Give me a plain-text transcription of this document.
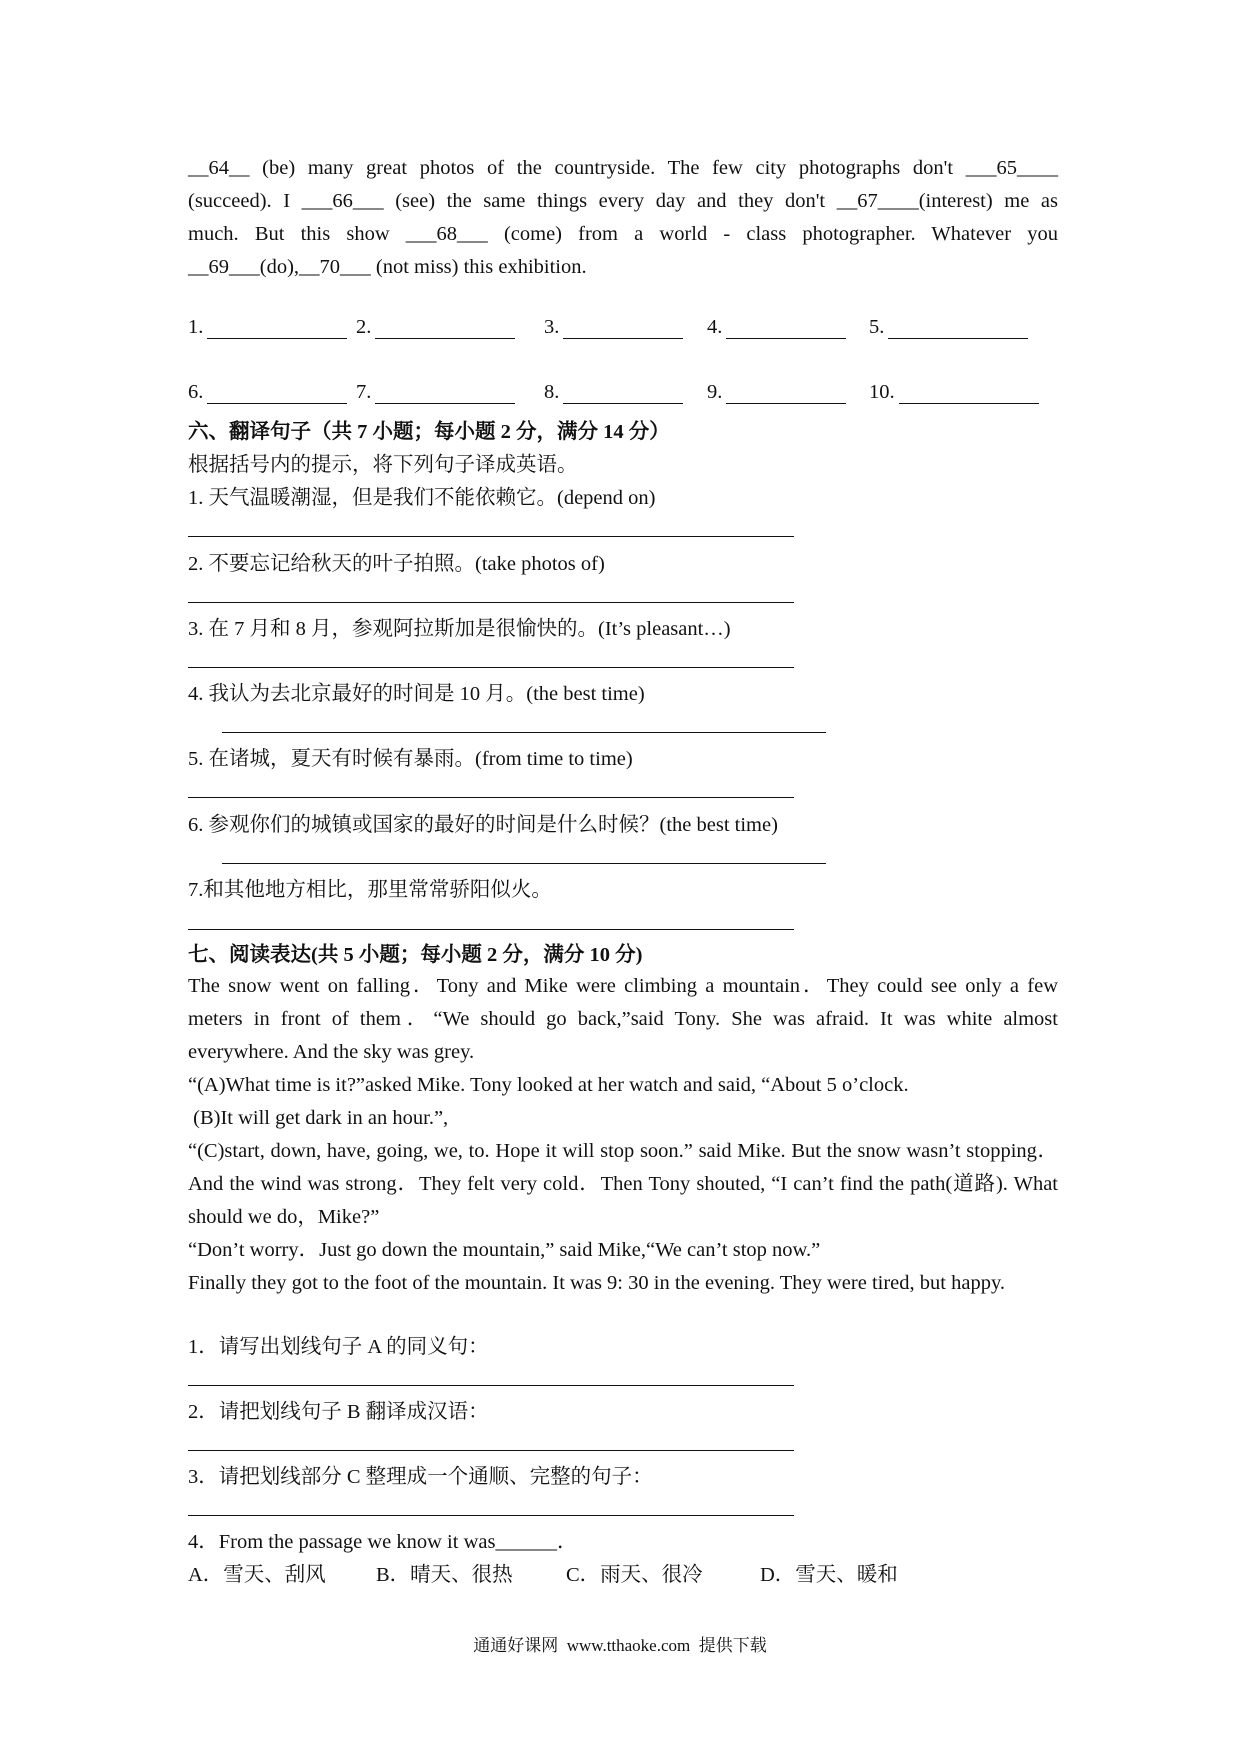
__64__ (be) many great photos of the countryside. The few city photographs don't ___65____

(succeed). I ___66___ (see) the same things every day and they don't __67____(interest) me as

much. But this show ___68___ (come) from a world - class photographer. Whatever you

__69___(do),__70___ (not miss) this exhibition.

1.	2.	3.	4.	5.
6.	7.	8.	9.	10.
六、翻译句子（共 7 小题；每小题 2 分，满分 14 分）
根据括号内的提示，将下列句子译成英语。
1. 天气温暖潮湿，但是我们不能依赖它。(depend on)
2. 不要忘记给秋天的叶子拍照。(take photos of)
3. 在 7 月和 8 月，参观阿拉斯加是很愉快的。(It’s pleasant…)
4. 我认为去北京最好的时间是 10 月。(the best time)
5. 在诸城，夏天有时候有暴雨。(from time to time)
6. 参观你们的城镇或国家的最好的时间是什么时候？(the best time)
7.和其他地方相比，那里常常骄阳似火。
七、阅读表达(共 5 小题；每小题 2 分，满分 10 分)

The snow went on falling．Tony and Mike were climbing a mountain．They could see only a few meters in front of them．“We should go back,”said Tony. She was afraid. It was white almost everywhere. And the sky was grey.

“(A)What time is it?”asked Mike. Tony looked at her watch and said, “About 5 o’clock.

(B)It will get dark in an hour.”,

“(C)start, down, have, going, we, to. Hope it will stop soon.” said Mike. But the snow wasn’t stopping．And the wind was strong．They felt very cold．Then Tony shouted, “I can’t find the path(道路). What should we do，Mike?”

“Don’t worry．Just go down the mountain,” said Mike,“We can’t stop now.”

Finally they got to the foot of the mountain. It was 9: 30 in the evening. They were tired, but happy.

1．请写出划线句子 A 的同义句：
2．请把划线句子 B 翻译成汉语：
3．请把划线部分 C 整理成一个通顺、完整的句子：
4．From the passage we know it was______．
A．雪天、刮风 B．晴天、很热	C．雨天、很冷	D．雪天、暖和
通通好课网  www.tthaoke.com  提供下载
